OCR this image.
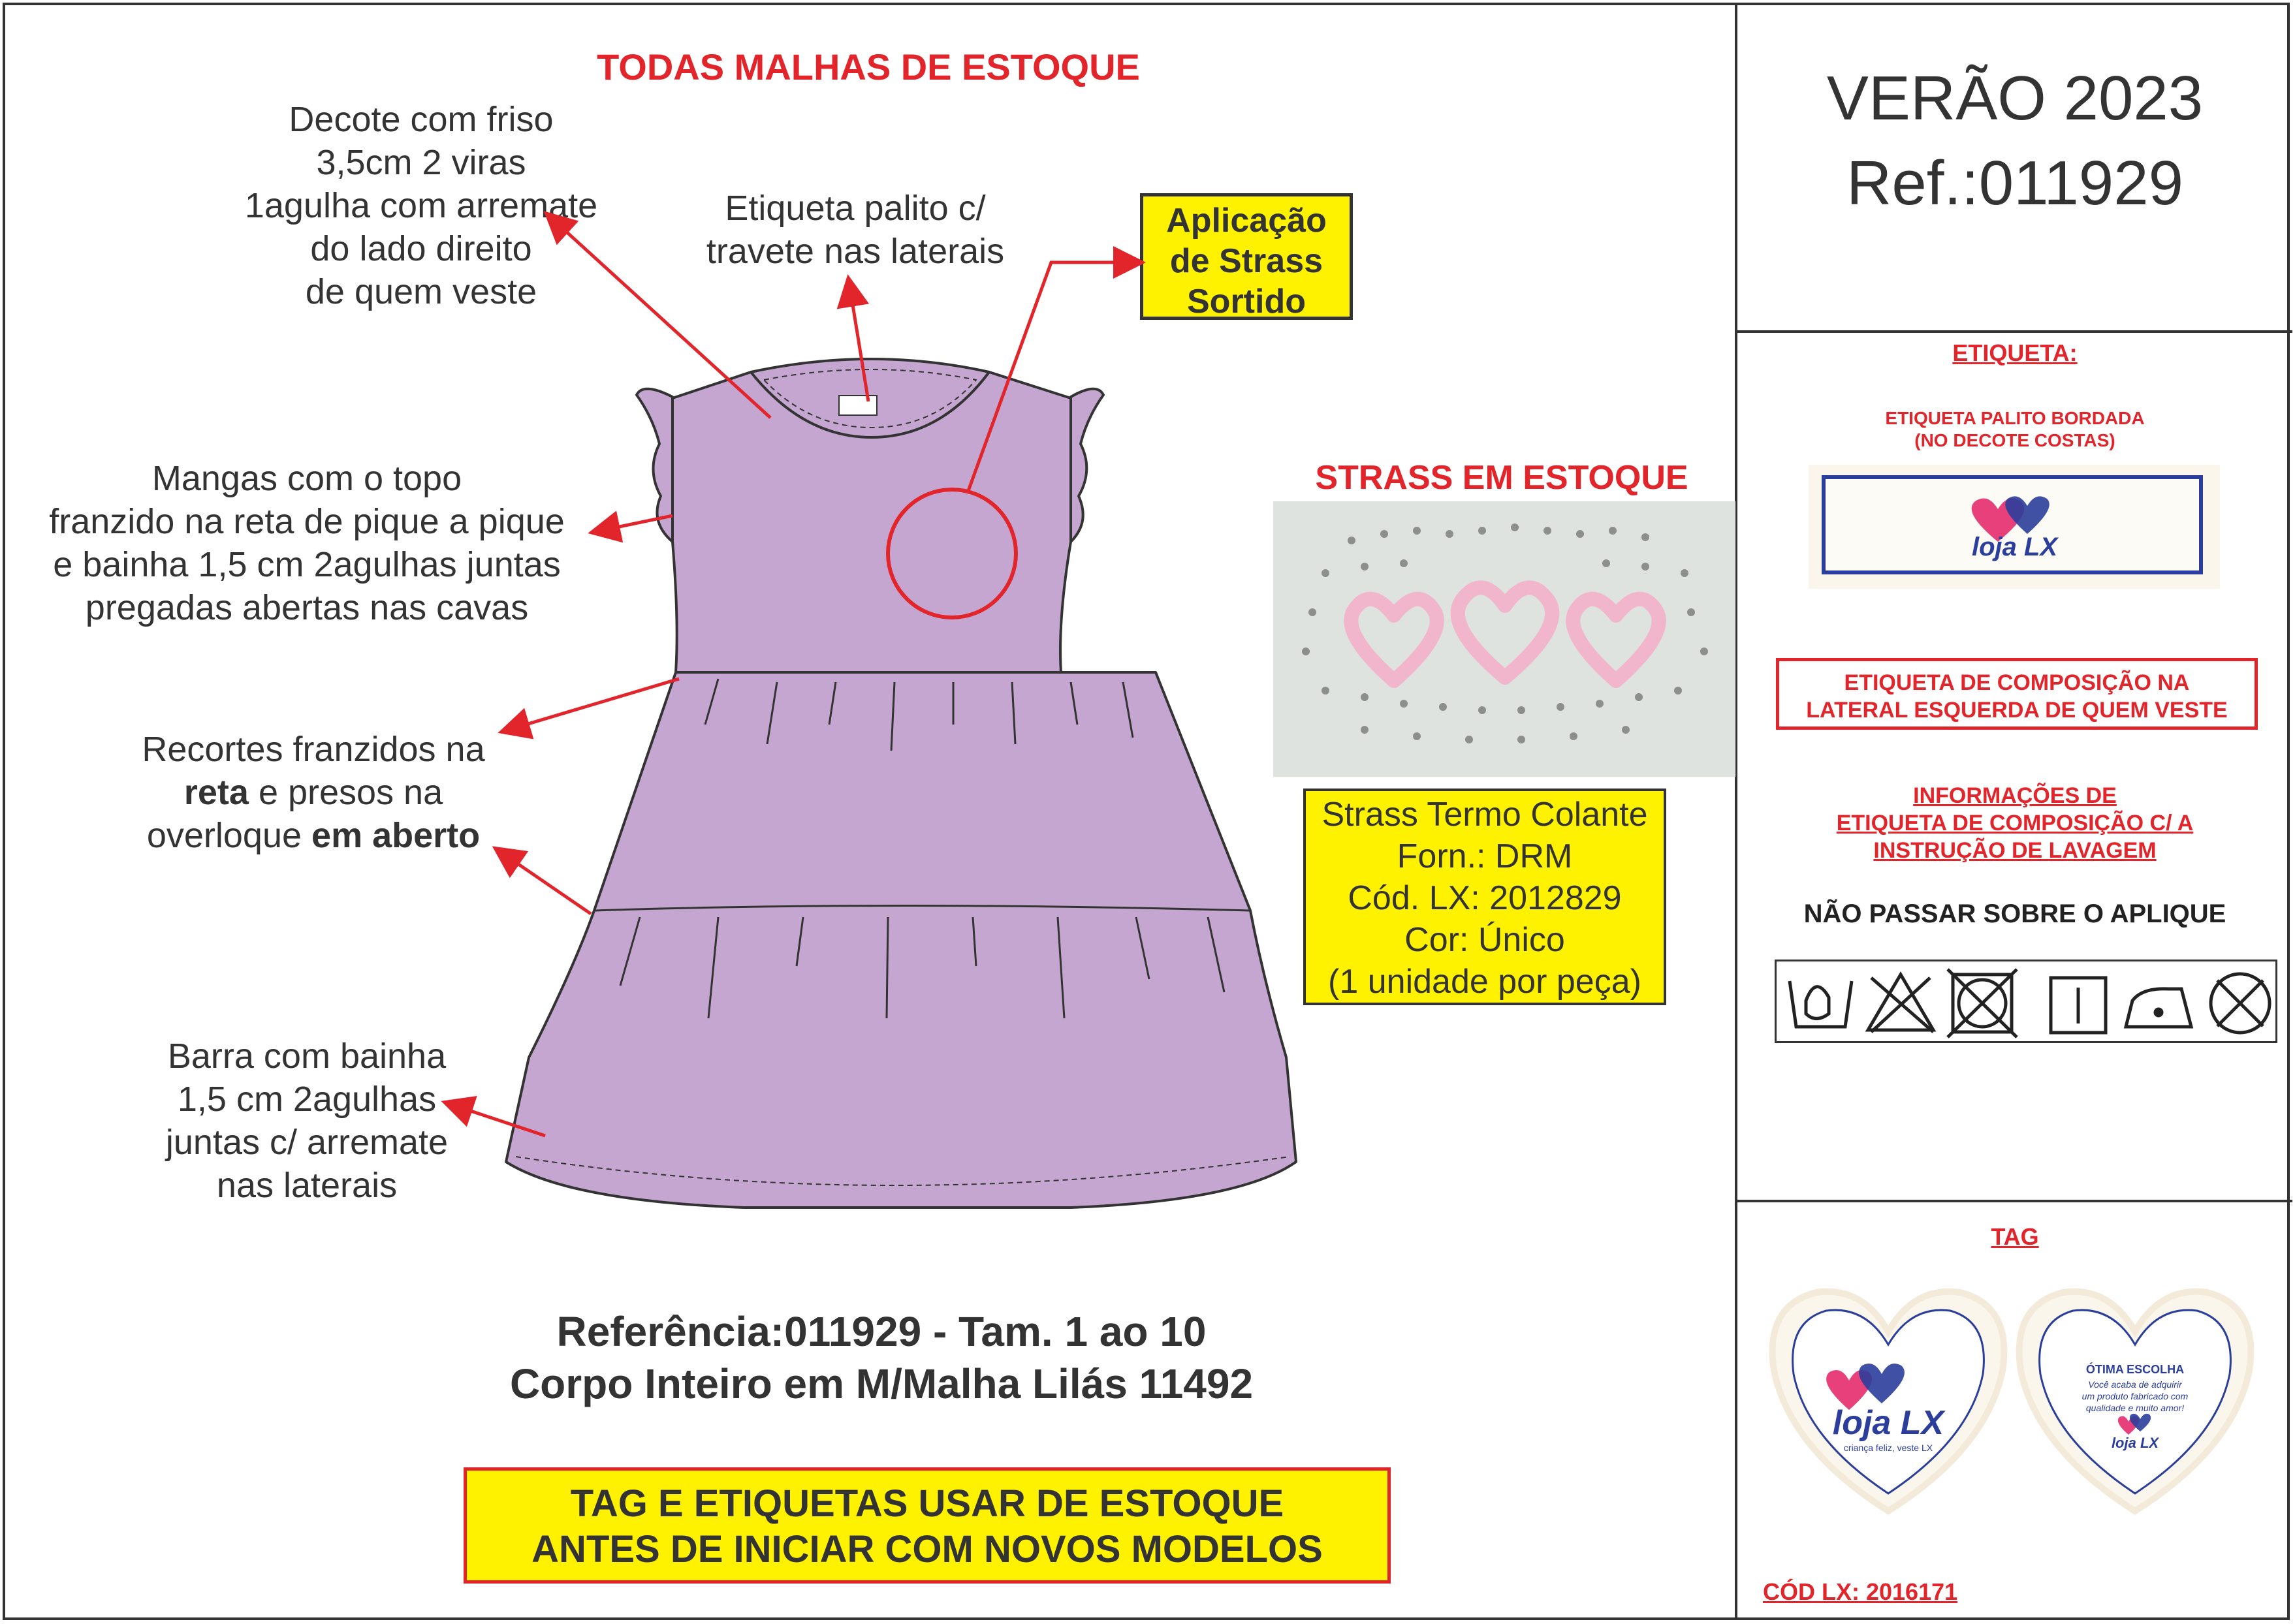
TODAS MALHAS DE ESTOQUE
Decote com friso
3,5cm 2 viras
1agulha com arremate
do lado direito
de quem veste
Etiqueta palito c/
travete nas laterais
Aplicação
de Strass
Sortido
Mangas com o topo
franzido na reta de pique a pique
e bainha 1,5 cm 2agulhas juntas
pregadas abertas nas cavas
Recortes franzidos na
reta e presos na
overloque em aberto
Barra com bainha
1,5 cm 2agulhas
juntas c/ arremate
nas laterais
Referência:011929 - Tam. 1 ao 10
Corpo Inteiro em M/Malha Lilás 11492
TAG E ETIQUETAS USAR DE ESTOQUE
ANTES DE INICIAR COM NOVOS MODELOS
STRASS EM ESTOQUE
Strass Termo Colante
Forn.: DRM
Cód. LX: 2012829
Cor: Único
(1 unidade por peça)
VERÃO 2023
Ref.:011929
ETIQUETA:
ETIQUETA PALITO BORDADA
(NO DECOTE COSTAS)
loja LX
ETIQUETA DE COMPOSIÇÃO NA
LATERAL ESQUERDA DE QUEM VESTE
INFORMAÇÕES DE
ETIQUETA DE COMPOSIÇÃO C/ A
INSTRUÇÃO DE LAVAGEM
NÃO PASSAR SOBRE O APLIQUE
TAG
loja LX
criança feliz, veste LX
ÓTIMA ESCOLHA
Você acaba de adquirir
um produto fabricado com
qualidade e muito amor!
loja LX
CÓD LX: 2016171
